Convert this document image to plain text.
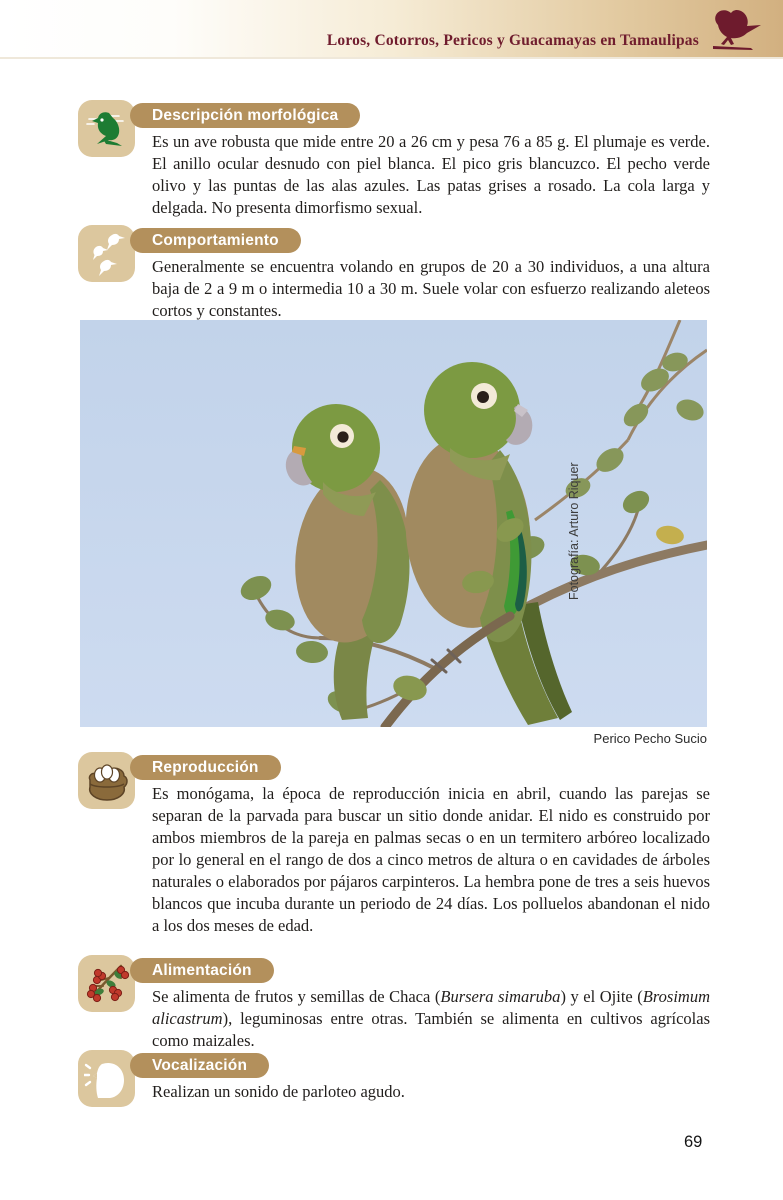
Loros, Cotorros, Pericos y Guacamayas en Tamaulipas
Descripción morfológica

Es un ave robusta que mide entre 20 a 26 cm y pesa 76 a 85 g. El plumaje es verde. El anillo ocular desnudo con piel blanca. El pico gris blancuzco. El pecho verde olivo y las puntas de las alas azules. Las patas grises a rosado. La cola larga y delgada. No presenta dimorfismo sexual.

Comportamiento

Generalmente se encuentra volando en grupos de 20 a 30 individuos, a una altura baja de 2 a 9 m o intermedia 10 a 30 m. Suele volar con esfuerzo realizando aleteos cortos y constantes.

Fotografía: Arturo Riquer
Perico Pecho Sucio
Reproducción

Es monógama, la época de reproducción inicia en abril, cuando las parejas se separan de la parvada para buscar un sitio donde anidar. El nido es construido por ambos miembros de la pareja en palmas secas o en un termitero arbóreo localizado por lo general en el rango de dos a cinco metros de altura o en cavidades de árboles naturales o elaborados por pájaros carpinteros. La hembra pone de tres a seis huevos blancos que incuba durante un periodo de 24 días. Los polluelos abandonan el nido a los dos meses de edad.

Alimentación

Se alimenta de frutos y semillas de Chaca (Bursera simaruba) y el Ojite (Brosimum alicastrum), leguminosas entre otras. También se alimenta en cultivos agrícolas como maizales.

Vocalización

Realizan un sonido de parloteo agudo.

69
